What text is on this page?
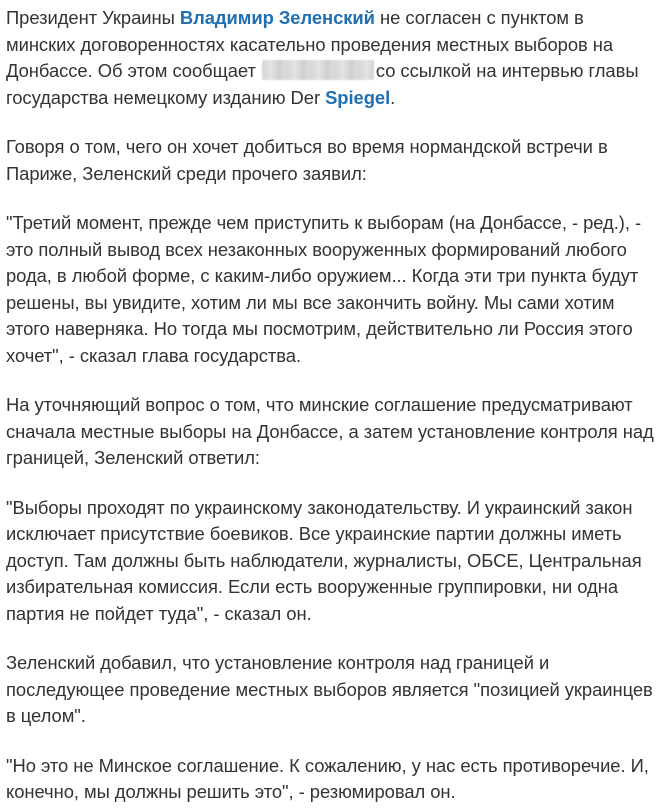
Президент Украины Владимир Зеленский не согласен с пунктом в минских договоренностях касательно проведения местных выборов на Донбассе. Об этом сообщает	со ссылкой на интервью главы государства немецкому изданию Der Spiegel.

Говоря о том, чего он хочет добиться во время нормандской встречи в Париже, Зеленский среди прочего заявил:

"Третий момент, прежде чем приступить к выборам (на Донбассе, - ред.), - это полный вывод всех незаконных вооруженных формирований любого рода, в любой форме, с каким-либо оружием... Когда эти три пункта будут решены, вы увидите, хотим ли мы все закончить войну. Мы сами хотим этого наверняка. Но тогда мы посмотрим, действительно ли Россия этого хочет", - сказал глава государства.

На уточняющий вопрос о том, что минские соглашение предусматривают сначала местные выборы на Донбассе, а затем установление контроля над границей, Зеленский ответил:

"Выборы проходят по украинскому законодательству. И украинский закон исключает присутствие боевиков. Все украинские партии должны иметь доступ. Там должны быть наблюдатели, журналисты, ОБСЕ, Центральная избирательная комиссия. Если есть вооруженные группировки, ни одна партия не пойдет туда", - сказал он.

Зеленский добавил, что установление контроля над границей и последующее проведение местных выборов является "позицией украинцев в целом".

"Но это не Минское соглашение. К сожалению, у нас есть противоречие. И, конечно, мы должны решить это", - резюмировал он.
